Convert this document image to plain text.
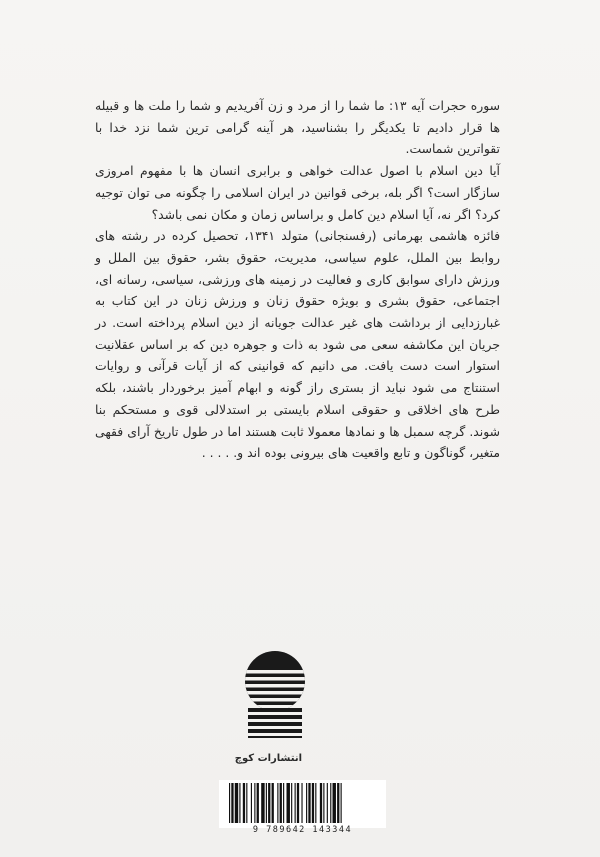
سوره حجرات آیه ۱۳: ما شما را از مرد و زن آفریدیم و شما را ملت ها و قبیله ها قرار دادیم تا یکدیگر را بشناسید، هر آینه گرامی ترین شما نزد خدا با تقواترین شماست.

آیا دین اسلام با اصول عدالت خواهی و برابری انسان ها با مفهوم امروزی سازگار است؟ اگر بله، برخی قوانین در ایران اسلامی را چگونه می توان توجیه کرد؟ اگر نه، آیا اسلام دین کامل و براساس زمان و مکان نمی باشد؟

فائزه هاشمی بهرمانی (رفسنجانی) متولد ۱۳۴۱، تحصیل کرده در رشته های روابط بین الملل، علوم سیاسی، مدیریت، حقوق بشر، حقوق بین الملل و ورزش دارای سوابق کاری و فعالیت در زمینه های ورزشی، سیاسی، رسانه ای، اجتماعی، حقوق بشری و بویژه حقوق زنان و ورزش زنان در این کتاب به غبارزدایی از برداشت های غیر عدالت جویانه از دین اسلام پرداخته است. در جریان این مکاشفه سعی می شود به ذات و جوهره دین که بر اساس عقلانیت استوار است دست یافت. می دانیم که قوانینی که از آیات قرآنی و روایات استنتاج می شود نباید از بستری راز گونه و ابهام آمیز برخوردار باشند، بلکه طرح های اخلاقی و حقوقی اسلام بایستی بر استدلالی قوی و مستحکم بنا شوند. گرچه سمبل ها و نمادها معمولا ثابت هستند اما در طول تاریخ آرای فقهی متغیر، گوناگون و تابع واقعیت های بیرونی بوده اند و. . . . .

انتشارات کوچ
9 789642 143344
